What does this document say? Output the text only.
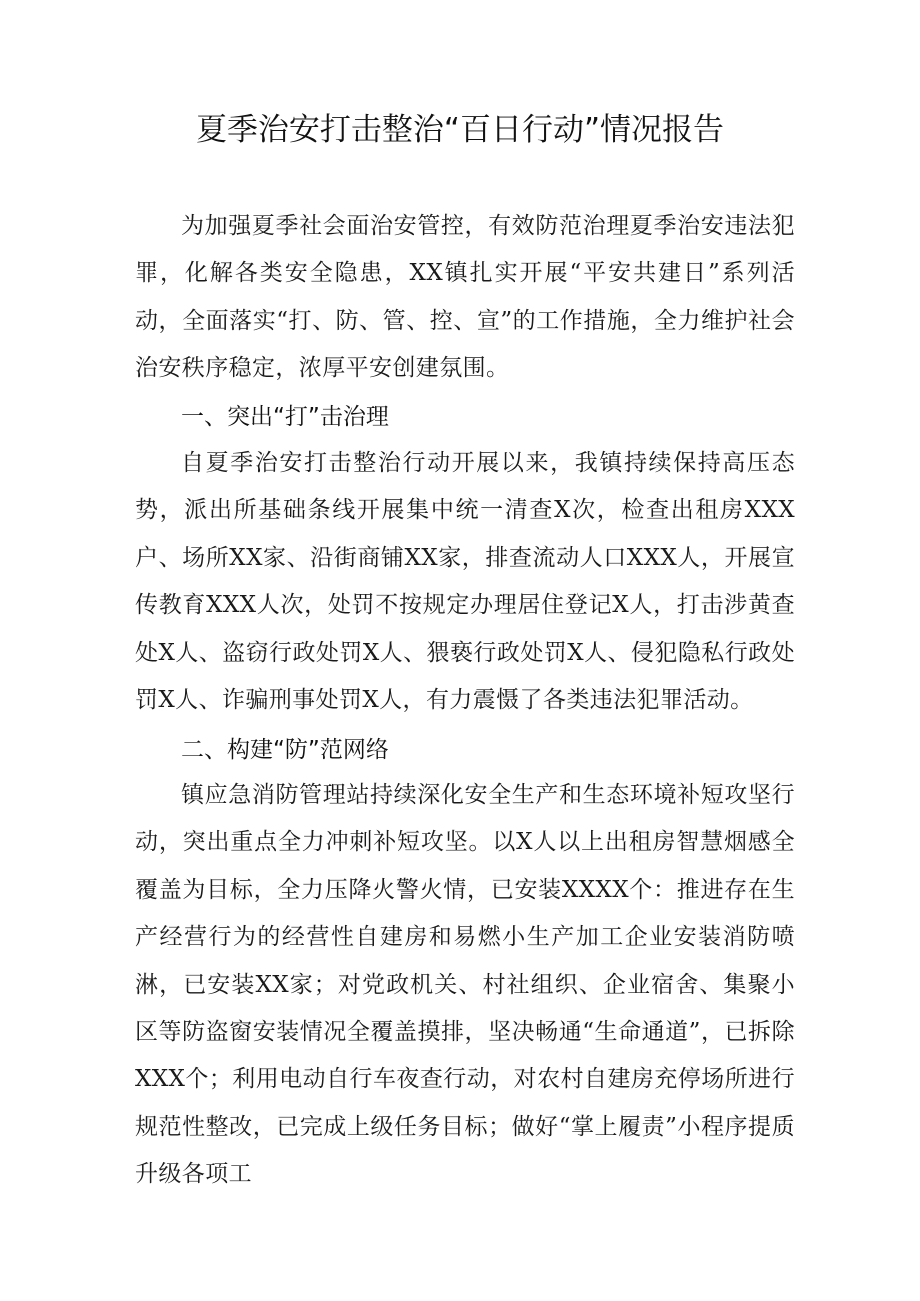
夏季治安打击整治“百日行动”情况报告

为加强夏季社会面治安管控，有效防范治理夏季治安违法犯罪，化解各类安全隐患，XX镇扎实开展“平安共建日”系列活动，全面落实“打、防、管、控、宣”的工作措施，全力维护社会治安秩序稳定，浓厚平安创建氛围。

一、突出“打”击治理

自夏季治安打击整治行动开展以来，我镇持续保持高压态势，派出所基础条线开展集中统一清查X次，检查出租房XXX户、场所XX家、沿街商铺XX家，排查流动人口XXX人，开展宣传教育XXX人次，处罚不按规定办理居住登记X人，打击涉黄查处X人、盗窃行政处罚X人、猥亵行政处罚X人、侵犯隐私行政处罚X人、诈骗刑事处罚X人，有力震慑了各类违法犯罪活动。

二、构建“防”范网络

镇应急消防管理站持续深化安全生产和生态环境补短攻坚行动，突出重点全力冲刺补短攻坚。以X人以上出租房智慧烟感全覆盖为目标，全力压降火警火情，已安装XXXX个：推进存在生产经营行为的经营性自建房和易燃小生产加工企业安装消防喷淋，已安装XX家；对党政机关、村社组织、企业宿舍、集聚小区等防盗窗安装情况全覆盖摸排，坚决畅通“生命通道”，已拆除XXX个；利用电动自行车夜查行动，对农村自建房充停场所进行规范性整改，已完成上级任务目标；做好“掌上履责”小程序提质升级各项工
